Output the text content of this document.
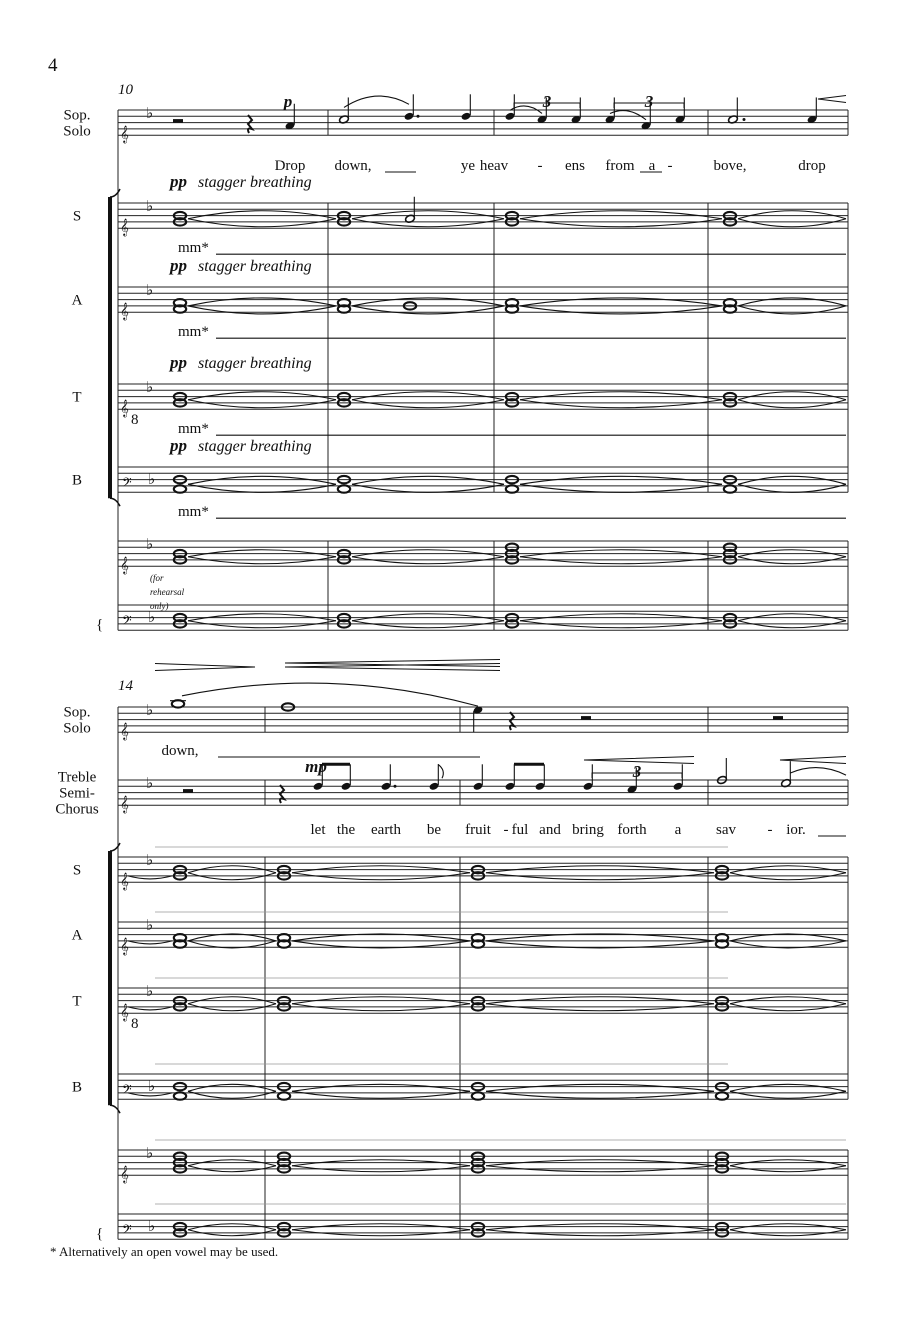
4
* Alternatively an open vowel may be used.
10
𝄞
♭
Sop.
Solo
𝄞
♭
S
𝄞
♭
A
𝄞
♭
8
T
𝄢 ♭
B
𝄞
♭
𝄢 ♭
{
p	3	3
Drop down,	ye heav - ens from a -	bove,	drop
pp stagger breathing
mm*
pp stagger breathing
mm*
pp stagger breathing
mm*
pp stagger breathing
mm*
(for
rehearsal
only)
14
𝄞
♭
Sop.
Solo
𝄞
♭
Treble
Semi-
Chorus
𝄞
♭
S
𝄞
♭
A
𝄞
♭
8
T
𝄢 ♭
B
𝄞
♭
𝄢 ♭
{
down,
mp	3
let the earth be fruit - ful and bring forth a sav - ior.
